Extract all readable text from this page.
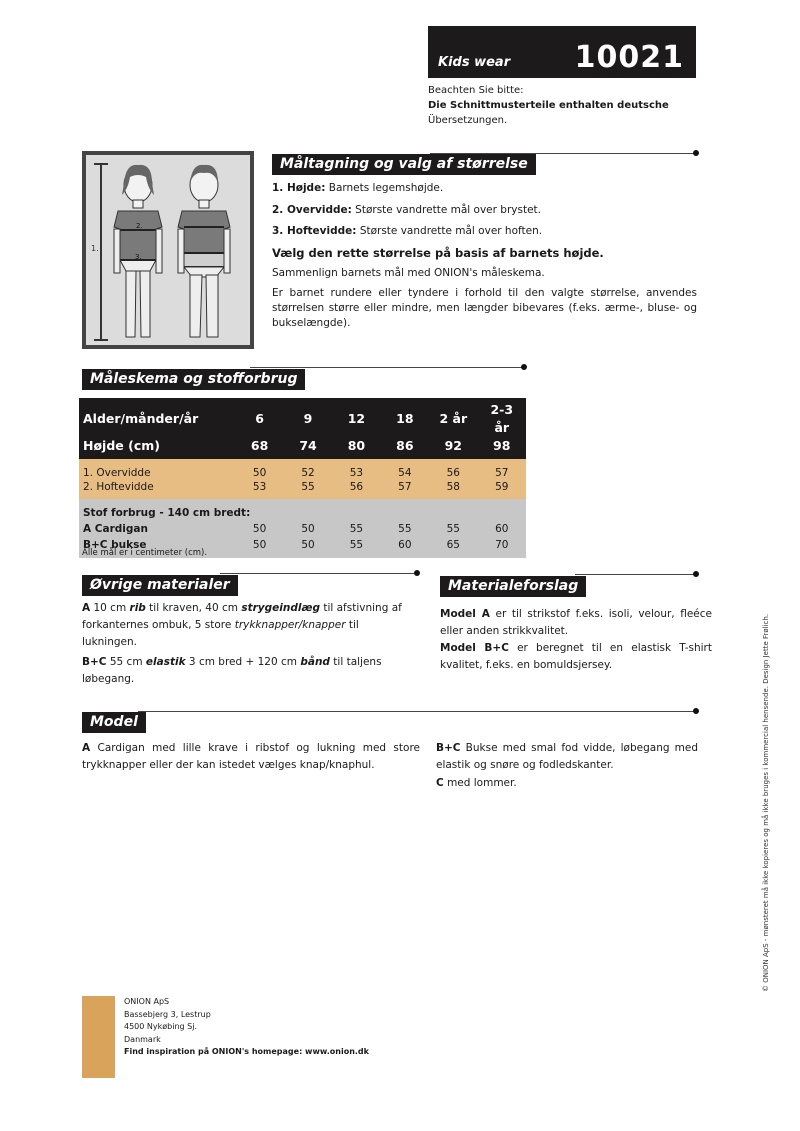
Kids wear 10021
Beachten Sie bitte:
Die Schnittmusterteile enthalten deutsche
Übersetzungen.
1.
2.
3.
Måltagning og valg af størrelse
1. Højde: Barnets legemshøjde.
2. Overvidde: Største vandrette mål over brystet.
3. Hoftevidde: Største vandrette mål over hoften.
Vælg den rette størrelse på basis af barnets højde.
Sammenlign barnets mål med ONION's måleskema.
Er barnet rundere eller tyndere i forhold til den valgte størrelse, anvendes størrelsen større eller mindre, men længder bibevares (f.eks. ærme-, bluse- og bukselængde).
Måleskema og stofforbrug
Alder/månder/år	6	9	12	18	2 år	2-3 år
Højde (cm)	68	74	80	86	92	98
1. Overvidde	50	52	53	54	56	57
2. Hoftevidde	53	55	56	57	58	59
Stof forbrug - 140 cm bredt:						
A Cardigan	50	50	55	55	55	60
B+C bukse	50	50	55	60	65	70
Alle mål er i centimeter (cm).
Øvrige materialer
A 10 cm rib til kraven, 40 cm strygeindlæg til afstivning af forkanternes ombuk, 5 store trykknapper/knapper til lukningen.
B+C 55 cm elastik 3 cm bred + 120 cm bånd til taljens løbegang.
Materialeforslag
Model A er til strikstof f.eks. isoli, velour, fleéce eller anden strikkvalitet.
Model B+C er beregnet til en elastisk T-shirt kvalitet, f.eks. en bomuldsjersey.
Model
A Cardigan med lille krave i ribstof og lukning med store trykknapper eller der kan istedet vælges knap/knaphul.
B+C Bukse med smal fod vidde, løbegang med elastik og snøre og fodledskanter.
C med lommer.
ONION ApS
Bassebjerg 3, Lestrup
4500 Nykøbing Sj.
Danmark
Find inspiration på ONION's homepage: www.onion.dk
© ONION ApS - mønsteret må ikke kopieres og må ikke bruges i kommercial hensende. Design Jette Frølich.
